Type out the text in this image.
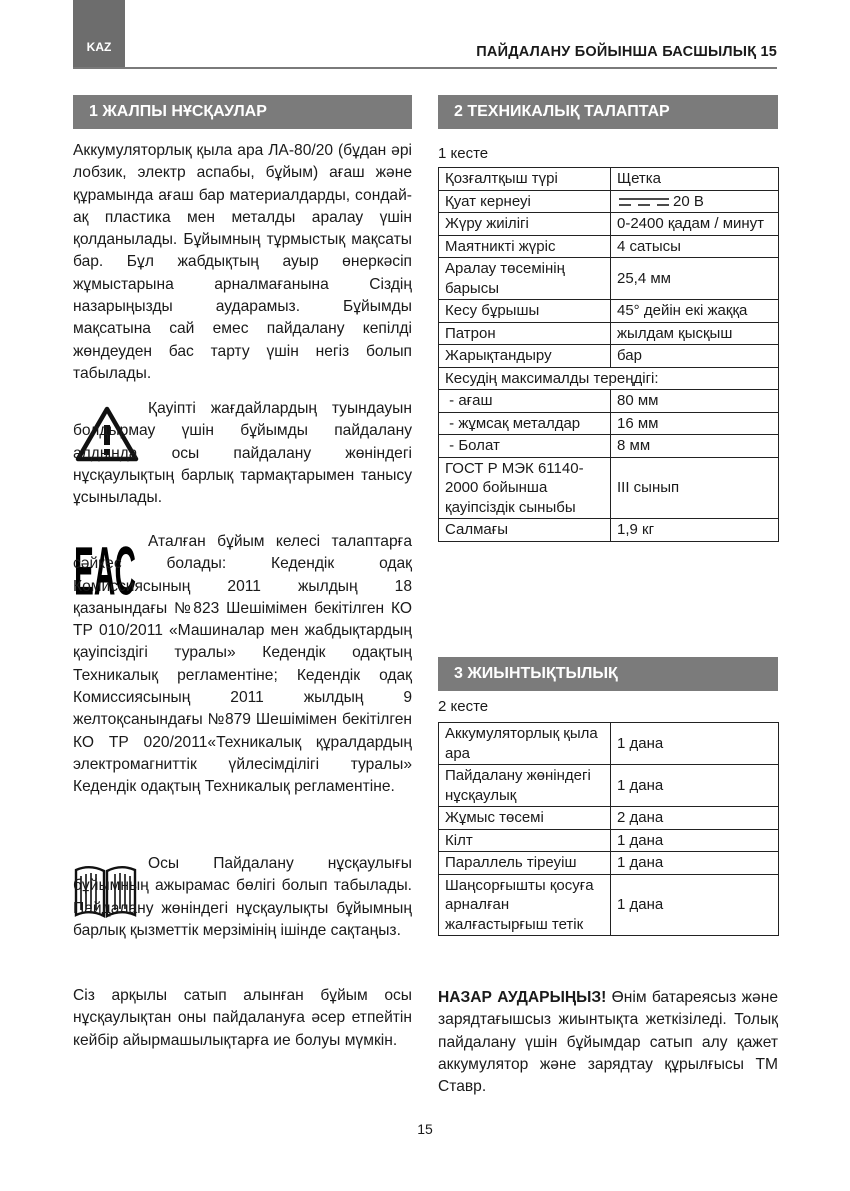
KAZ	ПАЙДАЛАНУ БОЙЫНША БАСШЫЛЫҚ 15
1 ЖАЛПЫ НҰСҚАУЛАР

Аккумуляторлық қыла ара ЛА-80/20 (бұдан әрі лобзик, электр аспабы, бұйым) ағаш және құрамында ағаш бар материалдарды, сондай-ақ пластика мен металды аралау үшін қолданылады. Бұйымның тұрмыстық мақсаты бар. Бұл жабдықтың ауыр өнеркәсіп жұмыстарына арналмағанына Сіздің назарыңызды аударамыз. Бұйымды мақсатына сай емес пайдалану кепілді жөндеуден бас тарту үшін негіз болып табылады.

Қауіпті жағдайлардың туындауын болдырмау үшін бұйымды пайдалану алдында осы пайдалану жөніндегі нұсқаулықтың барлық тармақтарымен танысу ұсынылады.

ЕАС Аталған бұйым келесі талаптарға сәйкес болады: Кедендік одақ Комиссиясының 2011 жылдың 18 қазанындағы №823 Шешімімен бекітілген КО ТР 010/2011 «Машиналар мен жабдықтардың қауіпсіздігі туралы» Кедендік одақтың Техникалық регламентіне; Кедендік одақ Комиссиясының 2011 жылдың 9 желтоқсанындағы №879 Шешімімен бекітілген КО ТР 020/2011«Техникалық құралдардың электромагниттік үйлесімділігі туралы» Кедендік одақтың Техникалық регламентіне.

Осы Пайдалану нұсқаулығы бұйымның ажырамас бөлігі болып табылады. Пайдалану жөніндегі нұсқаулықты бұйымның барлық қызметтік мерзімінің ішінде сақтаңыз.

Сіз арқылы сатып алынған бұйым осы нұсқаулықтан оны пайдалануға әсер етпейтін кейбір айырмашылықтарға ие болуы мүмкін.

2 ТЕХНИКАЛЫҚ ТАЛАПТАР
1 кесте
Қозғалтқыш түрі	Щетка
Қуат кернеуі	20 В
Жүру жиілігі	0-2400 қадам / минут
Маятникті жүріс	4 сатысы
Аралау төсемінің барысы	25,4 мм
Кесу бұрышы	45° дейін екі жаққа
Патрон	жылдам қысқыш
Жарықтандыру	бар
Кесудің максималды тереңдігі:	
- ағаш	80 мм
- жұмсақ металдар	16 мм
- Болат	8 мм
ГОСТ Р МЭК 61140-2000 бойынша қауіпсіздік сыныбы	III сынып
Салмағы	1,9 кг
3 ЖИЫНТЫҚТЫЛЫҚ
2 кесте
Аккумуляторлық қыла ара	1 дана
Пайдалану жөніндегі нұсқаулық	1 дана
Жұмыс төсемі	2 дана
Кілт	1 дана
Параллель тіреуіш	1 дана
Шаңсорғышты қосуға арналған жалғастырғыш тетік	1 дана

НАЗАР АУДАРЫҢЫЗ! Өнім батареясыз және зарядтағышсыз жиынтықта жеткізіледі. Толық пайдалану үшін бұйымдар сатып алу қажет аккумулятор және зарядтау құрылғысы ТМ Ставр.

15
